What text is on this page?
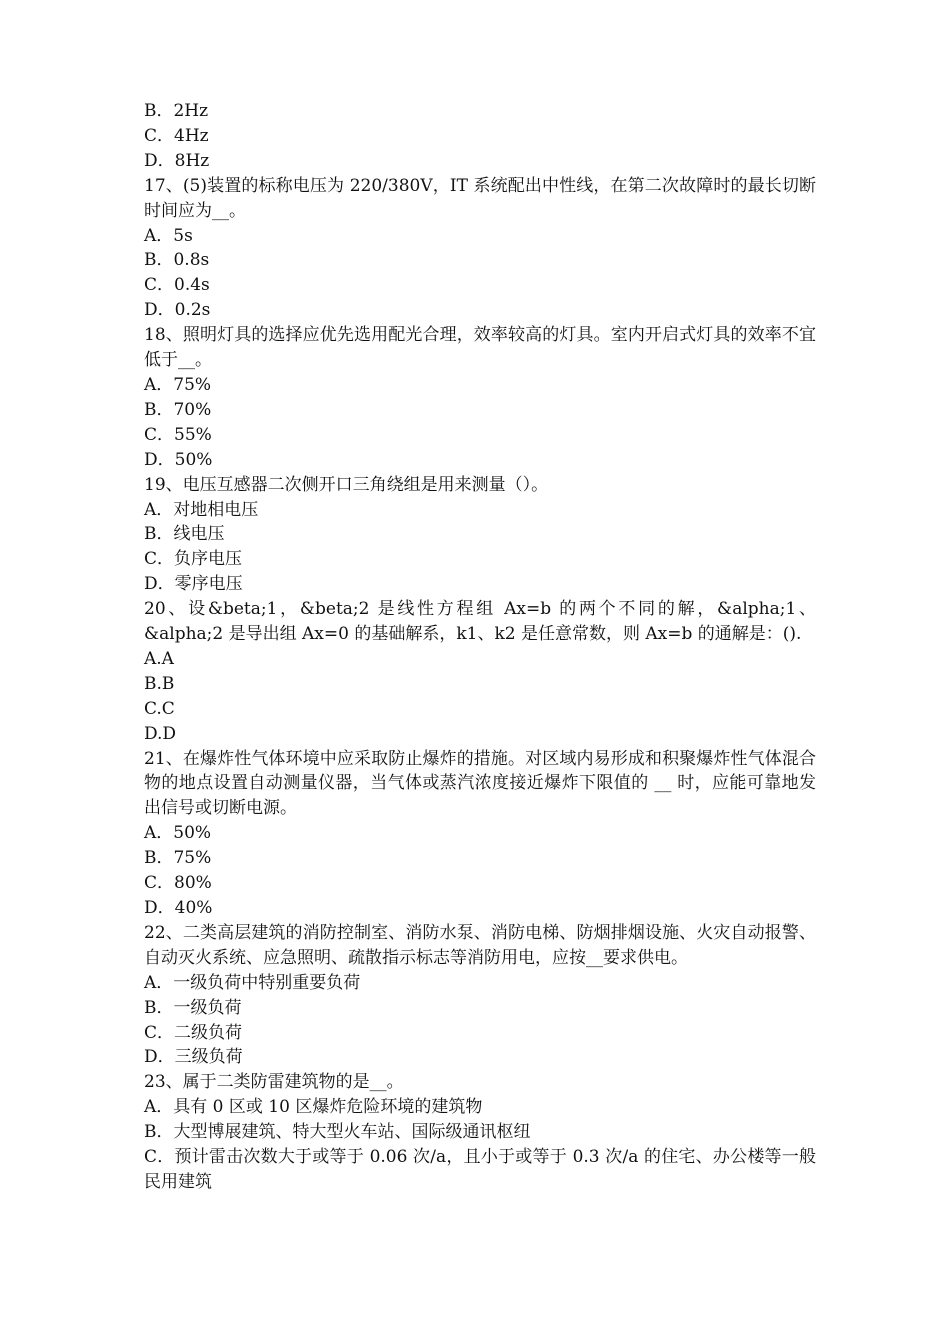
B．2Hz

C．4Hz

D．8Hz

17、(5)装置的标称电压为 220/380V，IT 系统配出中性线，在第二次故障时的最长切断时间应为__。

A．5s

B．0.8s

C．0.4s

D．0.2s

18、照明灯具的选择应优先选用配光合理，效率较高的灯具。室内开启式灯具的效率不宜低于__。

A．75%

B．70%

C．55%

D．50%

19、电压互感器二次侧开口三角绕组是用来测量（）。

A．对地相电压

B．线电压

C．负序电压

D．零序电压

20、设&beta;1，&beta;2 是线性方程组 Ax=b 的两个不同的解，&alpha;1、&alpha;2 是导出组 Ax=0 的基础解系，k1、k2 是任意常数，则 Ax=b 的通解是：().

A.A

B.B

C.C

D.D

21、在爆炸性气体环境中应采取防止爆炸的措施。对区域内易形成和积聚爆炸性气体混合物的地点设置自动测量仪器，当气体或蒸汽浓度接近爆炸下限值的 __ 时，应能可靠地发出信号或切断电源。

A．50%

B．75%

C．80%

D．40%

22、二类高层建筑的消防控制室、消防水泵、消防电梯、防烟排烟设施、火灾自动报警、自动灭火系统、应急照明、疏散指示标志等消防用电，应按__要求供电。

A．一级负荷中特别重要负荷

B．一级负荷

C．二级负荷

D．三级负荷

23、属于二类防雷建筑物的是__。

A．具有 0 区或 10 区爆炸危险环境的建筑物

B．大型博展建筑、特大型火车站、国际级通讯枢纽

C．预计雷击次数大于或等于 0.06 次/a，且小于或等于 0.3 次/a 的住宅、办公楼等一般民用建筑
